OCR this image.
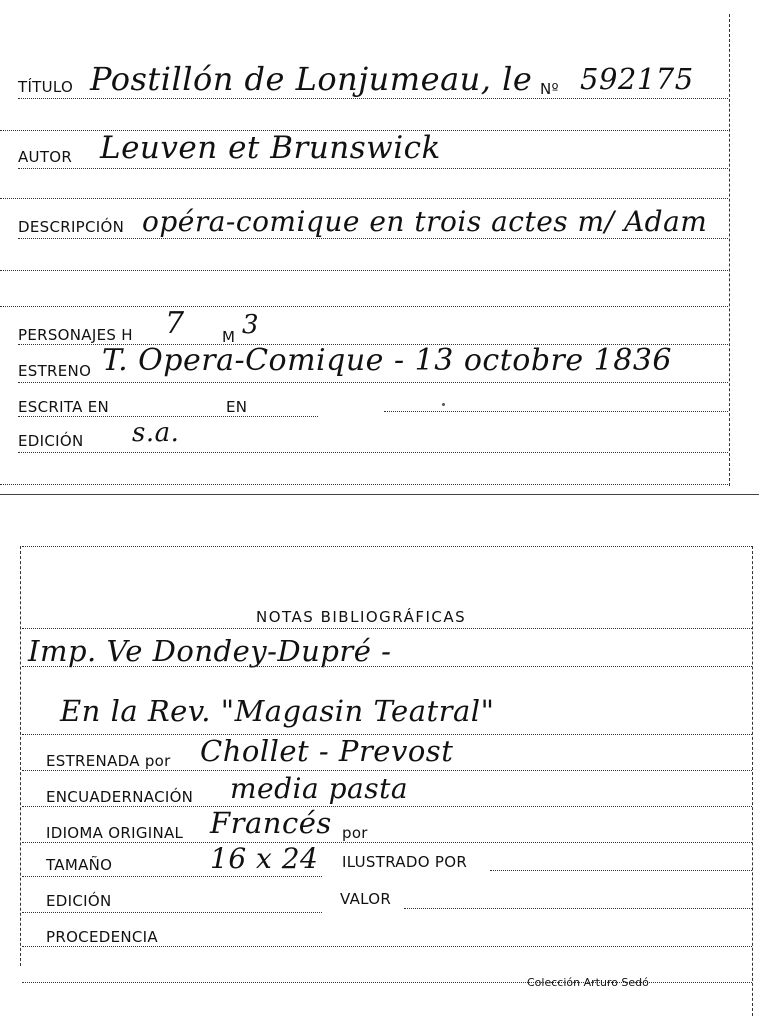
TÍTULO Postillón de Lonjumeau, le Nº 592175
AUTOR Leuven et Brunswick
DESCRIPCIÓN opéra-comique en trois actes m/ Adam
PERSONAJES H 7 M 3
ESTRENO T. Opera-Comique - 13 octobre 1836
ESCRITA EN	EN
EDICIÓN s.a.
NOTAS BIBLIOGRÁFICAS
Imp. Ve Dondey-Dupré -
En la Rev. "Magasin Teatral"
ESTRENADA por Chollet - Prevost
ENCUADERNACIÓN media pasta
IDIOMA ORIGINAL Francés por
TAMAÑO	16 x 24 ILUSTRADO POR
EDICIÓN	VALOR
PROCEDENCIA
Colección Arturo Sedó
